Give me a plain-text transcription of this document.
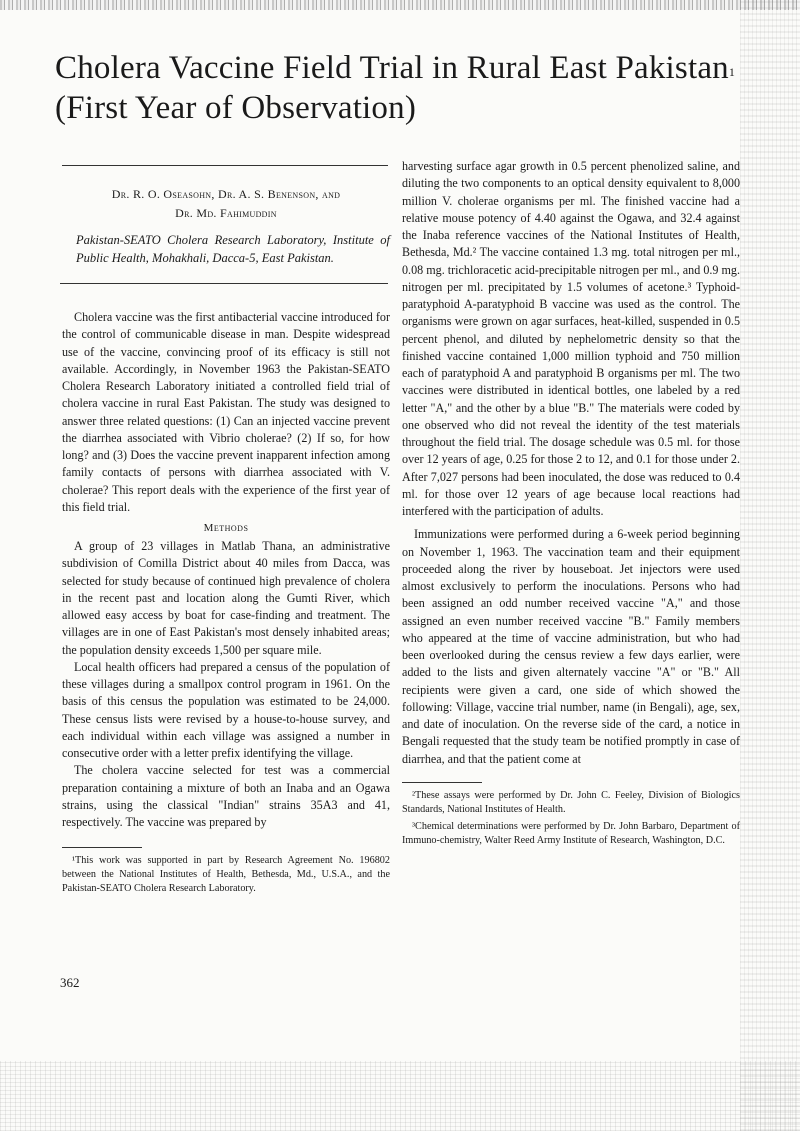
Cholera Vaccine Field Trial in Rural East Pakistan$^1$
(First Year of Observation)

Dr. R. O. Oseasohn, Dr. A. S. Benenson, and
Dr. Md. Fahimuddin

Pakistan-SEATO Cholera Research Laboratory, Institute of Public Health, Mohakhali, Dacca-5, East Pakistan.

Cholera vaccine was the first antibacterial vaccine introduced for the control of communicable disease in man. Despite widespread use of the vaccine, convincing proof of its efficacy is still not available. Accordingly, in November 1963 the Pakistan-SEATO Cholera Research Laboratory initiated a controlled field trial of cholera vaccine in rural East Pakistan. The study was designed to answer three related questions: (1) Can an injected vaccine prevent the diarrhea associated with Vibrio cholerae? (2) If so, for how long? and (3) Does the vaccine prevent inapparent infection among family contacts of persons with diarrhea associated with V. cholerae? This report deals with the experience of the first year of this field trial.

Methods

A group of 23 villages in Matlab Thana, an administrative subdivision of Comilla District about 40 miles from Dacca, was selected for study because of continued high prevalence of cholera in the recent past and location along the Gumti River, which allowed easy access by boat for case-finding and treatment. The villages are in one of East Pakistan's most densely inhabited areas; the population density exceeds 1,500 per square mile.

Local health officers had prepared a census of the population of these villages during a smallpox control program in 1961. On the basis of this census the population was estimated to be 24,000. These census lists were revised by a house-to-house survey, and each individual within each village was assigned a number in consecutive order with a letter prefix identifying the village.

The cholera vaccine selected for test was a commercial preparation containing a mixture of both an Inaba and an Ogawa strains, using the classical "Indian" strains 35A3 and 41, respectively. The vaccine was prepared by

¹This work was supported in part by Research Agreement No. 196802 between the National Institutes of Health, Bethesda, Md., U.S.A., and the Pakistan-SEATO Cholera Research Laboratory.

harvesting surface agar growth in 0.5 percent phenolized saline, and diluting the two components to an optical density equivalent to 8,000 million V. cholerae organisms per ml. The finished vaccine had a relative mouse potency of 4.40 against the Ogawa, and 32.4 against the Inaba reference vaccines of the National Institutes of Health, Bethesda, Md.² The vaccine contained 1.3 mg. total nitrogen per ml., 0.08 mg. trichloracetic acid-precipitable nitrogen per ml., and 0.9 mg. nitrogen per ml. precipitated by 1.5 volumes of acetone.³ Typhoid-paratyphoid A-paratyphoid B vaccine was used as the control. The organisms were grown on agar surfaces, heat-killed, suspended in 0.5 percent phenol, and diluted by nephelometric density so that the finished vaccine contained 1,000 million typhoid and 750 million each of paratyphoid A and paratyphoid B organisms per ml. The two vaccines were distributed in identical bottles, one labeled by a red letter "A," and the other by a blue "B." The materials were coded by one observed who did not reveal the identity of the test materials throughout the field trial. The dosage schedule was 0.5 ml. for those over 12 years of age, 0.25 for those 2 to 12, and 0.1 for those under 2. After 7,027 persons had been inoculated, the dose was reduced to 0.4 ml. for those over 12 years of age because local reactions had interfered with the participation of adults.

Immunizations were performed during a 6-week period beginning on November 1, 1963. The vaccination team and their equipment proceeded along the river by houseboat. Jet injectors were used almost exclusively to perform the inoculations. Persons who had been assigned an odd number received vaccine "A," and those assigned an even number received vaccine "B." Family members who appeared at the time of vaccine administration, but who had been overlooked during the census review a few days earlier, were added to the lists and given alternately vaccine "A" or "B." All recipients were given a card, one side of which showed the following: Village, vaccine trial number, name (in Bengali), age, sex, and date of inoculation. On the reverse side of the card, a notice in Bengali requested that the study team be notified promptly in case of diarrhea, and that the patient come at

²These assays were performed by Dr. John C. Feeley, Division of Biologics Standards, National Institutes of Health.

³Chemical determinations were performed by Dr. John Barbaro, Department of Immuno-chemistry, Walter Reed Army Institute of Research, Washington, D.C.

362
